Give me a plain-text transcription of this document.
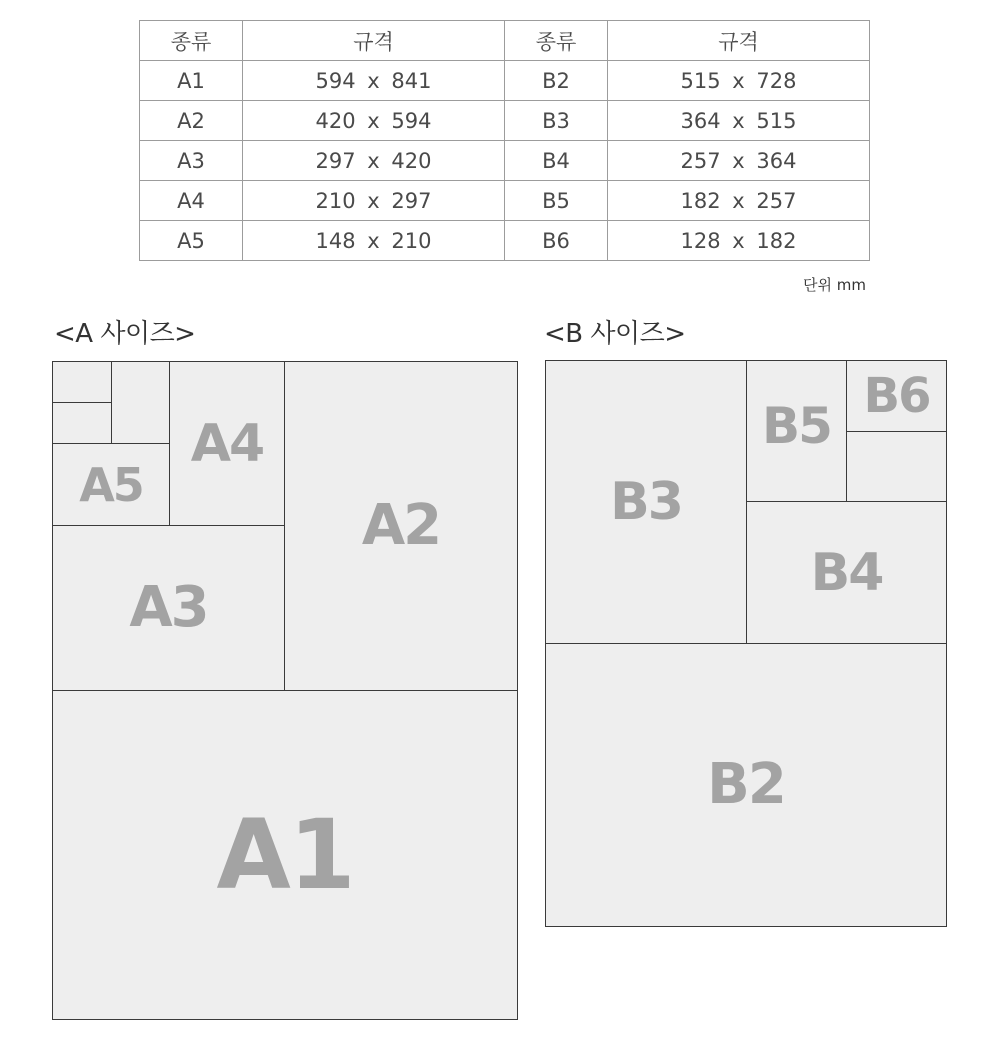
종류	규격	종류	규격
A1	594 x 841	B2	515 x 728
A2	420 x 594	B3	364 x 515
A3	297 x 420	B4	257 x 364
A4	210 x 297	B5	182 x 257
A5	148 x 210	B6	128 x 182
단위 mm
<A 사이즈>	<B 사이즈>
A1
A2
A3
A4
A5
B2
B3
B4
B5
B6
